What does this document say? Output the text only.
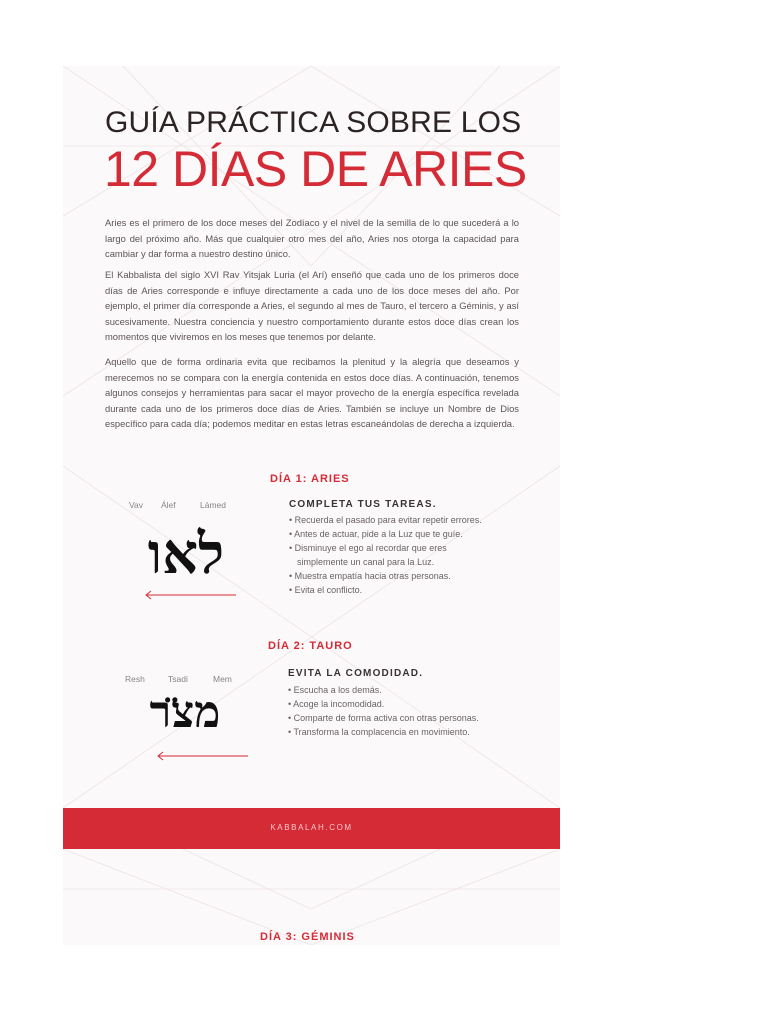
GUÍA PRÁCTICA SOBRE LOS
12 DÍAS DE ARIES

Aries es el primero de los doce meses del Zodíaco y el nivel de la semilla de lo que sucederá a lo largo del próximo año. Más que cualquier otro mes del año, Aries nos otorga la capacidad para cambiar y dar forma a nuestro destino único.

El Kabbalista del siglo XVI Rav Yitsjak Luria (el Arí) enseñó que cada uno de los primeros doce días de Aries corresponde e influye directamente a cada uno de los doce meses del año. Por ejemplo, el primer día corresponde a Aries, el segundo al mes de Tauro, el tercero a Géminis, y así sucesivamente. Nuestra conciencia y nuestro comportamiento durante estos doce días crean los momentos que viviremos en los meses que tenemos por delante.

Aquello que de forma ordinaria evita que recibamos la plenitud y la alegría que deseamos y merecemos no se compara con la energía contenida en estos doce días. A continuación, tenemos algunos consejos y herramientas para sacar el mayor provecho de la energía específica revelada durante cada uno de los primeros doce días de Aries. También se incluye un Nombre de Dios específico para cada día; podemos meditar en estas letras escaneándolas de derecha a izquierda.

DÍA 1: ARIES
Vav Álef	Lámed
לאו
COMPLETA TUS TAREAS.
• Recuerda el pasado para evitar repetir errores.
• Antes de actuar, pide a la Luz que te guíe.
• Disminuye el ego al recordar que eres simplemente un canal para la Luz.
• Muestra empatía hacia otras personas.
• Evita el conflicto.
DÍA 2: TAURO
Resh	Tsadi	Mem
מצ̈ר
EVITA LA COMODIDAD.
• Escucha a los demás.
• Acoge la incomodidad.
• Comparte de forma activa con otras personas.
• Transforma la complacencia en movimiento.
KABBALAH.COM
DÍA 3: GÉMINIS
